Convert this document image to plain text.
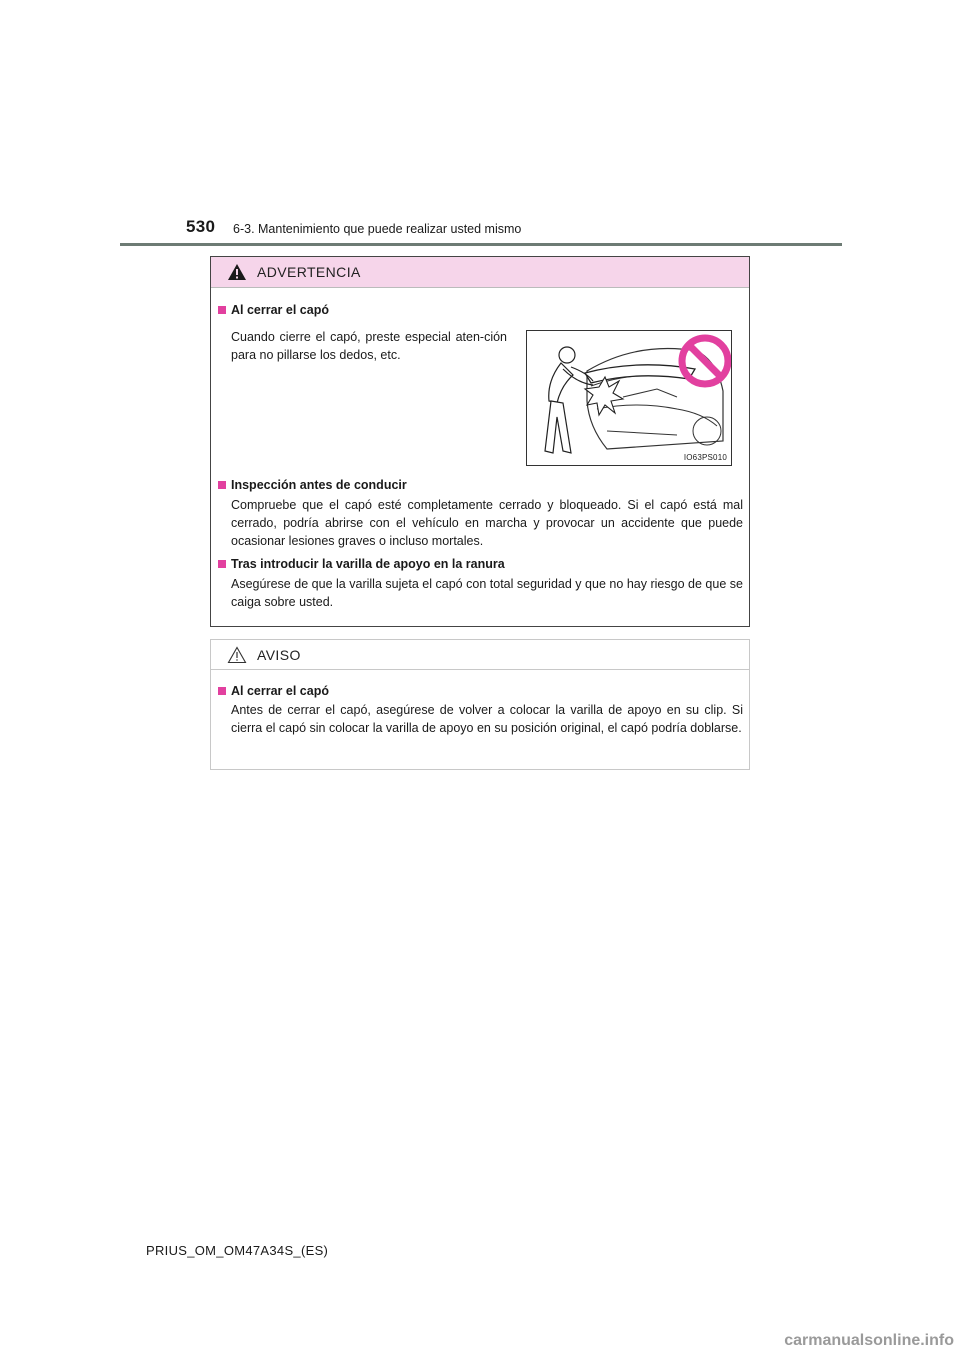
530 6-3. Mantenimiento que puede realizar usted mismo
ADVERTENCIA
Al cerrar el capó
Cuando cierre el capó, preste especial aten-ción para no pillarse los dedos, etc.
IO63PS010
Inspección antes de conducir
Compruebe que el capó esté completamente cerrado y bloqueado. Si el capó está mal cerrado, podría abrirse con el vehículo en marcha y provocar un accidente que puede ocasionar lesiones graves o incluso mortales.
Tras introducir la varilla de apoyo en la ranura
Asegúrese de que la varilla sujeta el capó con total seguridad y que no hay riesgo de que se caiga sobre usted.
AVISO
Al cerrar el capó
Antes de cerrar el capó, asegúrese de volver a colocar la varilla de apoyo en su clip. Si cierra el capó sin colocar la varilla de apoyo en su posición original, el capó podría doblarse.
PRIUS_OM_OM47A34S_(ES)
carmanualsonline.info
